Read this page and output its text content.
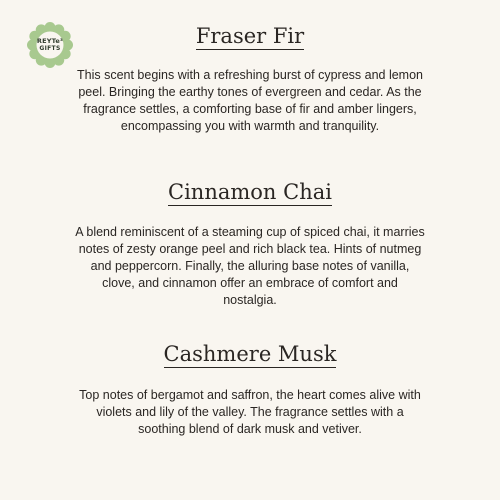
REYTe³
GIFTS
Fraser Fir

This scent begins with a refreshing burst of cypress and lemon peel. Bringing the earthy tones of evergreen and cedar. As the fragrance settles, a comforting base of fir and amber lingers, encompassing you with warmth and tranquility.

Cinnamon Chai

A blend reminiscent of a steaming cup of spiced chai, it marries notes of zesty orange peel and rich black tea. Hints of nutmeg and peppercorn. Finally, the alluring base notes of vanilla, clove, and cinnamon offer an embrace of comfort and nostalgia.

Cashmere Musk

Top notes of bergamot and saffron, the heart comes alive with violets and lily of the valley. The fragrance settles with a soothing blend of dark musk and vetiver.
